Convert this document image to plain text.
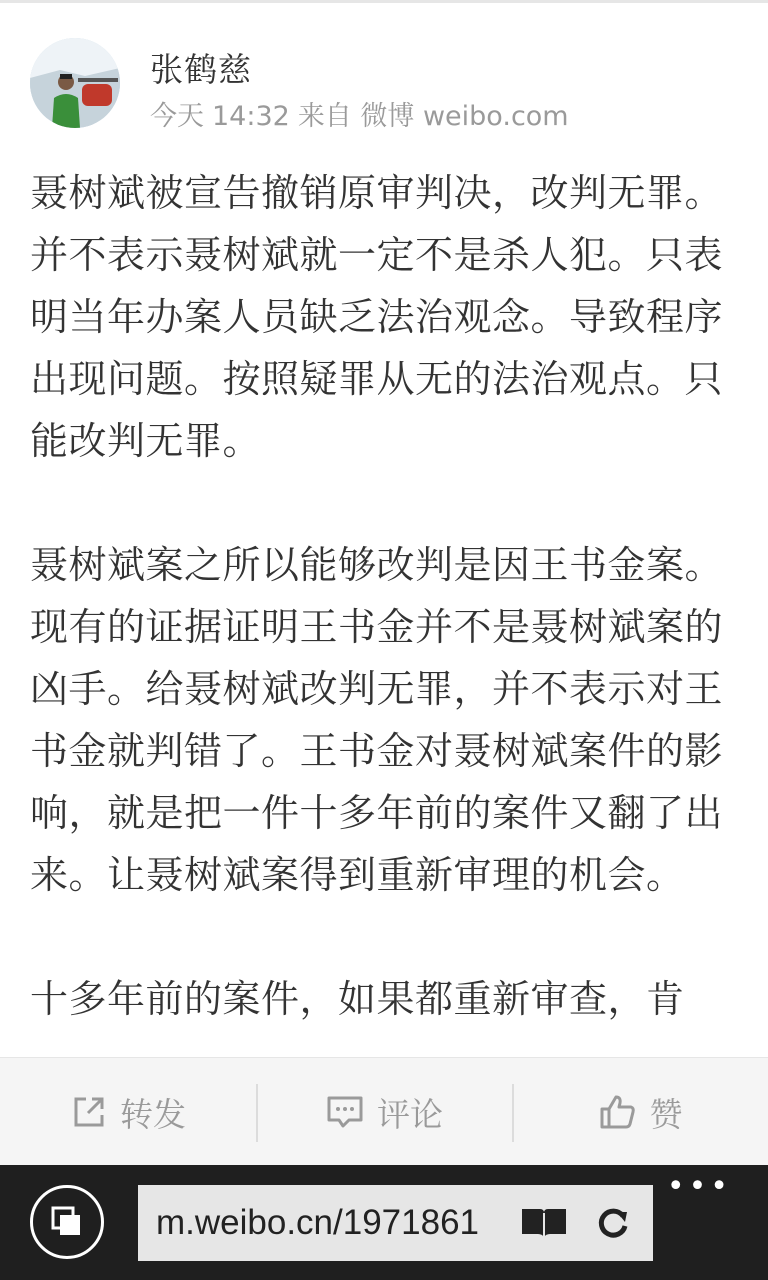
张鹤慈
今天 14:32 来自 微博 weibo.com

聂树斌被宣告撤销原审判决，改判无罪。并不表示聂树斌就一定不是杀人犯。只表明当年办案人员缺乏法治观念。导致程序出现问题。按照疑罪从无的法治观点。只能改判无罪。

聂树斌案之所以能够改判是因王书金案。现有的证据证明王书金并不是聂树斌案的凶手。给聂树斌改判无罪，并不表示对王书金就判错了。王书金对聂树斌案件的影响，就是把一件十多年前的案件又翻了出来。让聂树斌案得到重新审理的机会。

十多年前的案件，如果都重新审查，肯

转发	评论	赞
m.weibo.cn/1971861
•••
